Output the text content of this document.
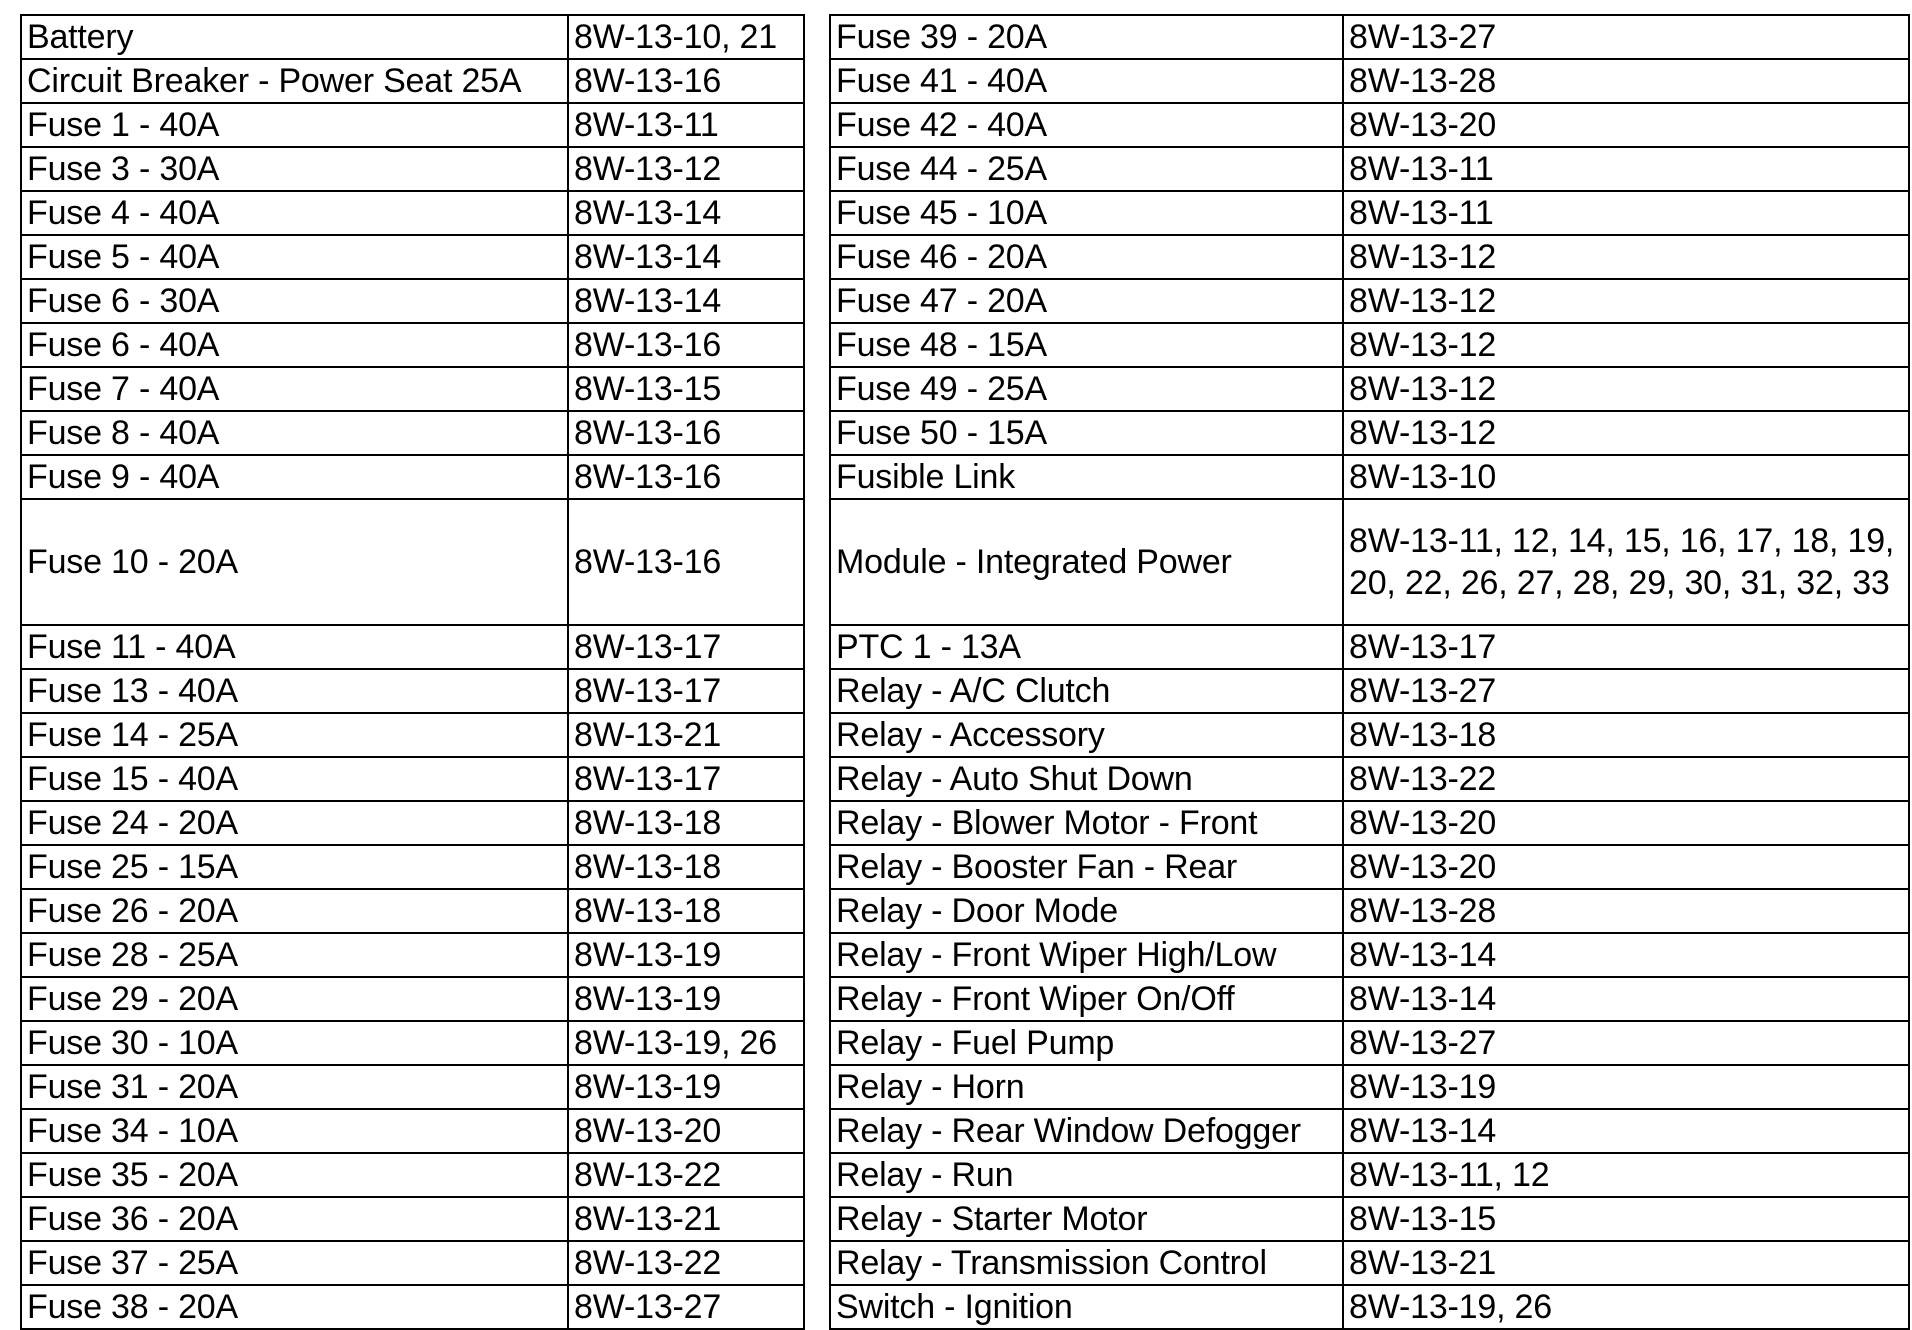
Battery	8W-13-10, 21
Circuit Breaker - Power Seat 25A	8W-13-16
Fuse 1 - 40A	8W-13-11
Fuse 3 - 30A	8W-13-12
Fuse 4 - 40A	8W-13-14
Fuse 5 - 40A	8W-13-14
Fuse 6 - 30A	8W-13-14
Fuse 6 - 40A	8W-13-16
Fuse 7 - 40A	8W-13-15
Fuse 8 - 40A	8W-13-16
Fuse 9 - 40A	8W-13-16
Fuse 10 - 20A	8W-13-16
Fuse 11 - 40A	8W-13-17
Fuse 13 - 40A	8W-13-17
Fuse 14 - 25A	8W-13-21
Fuse 15 - 40A	8W-13-17
Fuse 24 - 20A	8W-13-18
Fuse 25 - 15A	8W-13-18
Fuse 26 - 20A	8W-13-18
Fuse 28 - 25A	8W-13-19
Fuse 29 - 20A	8W-13-19
Fuse 30 - 10A	8W-13-19, 26
Fuse 31 - 20A	8W-13-19
Fuse 34 - 10A	8W-13-20
Fuse 35 - 20A	8W-13-22
Fuse 36 - 20A	8W-13-21
Fuse 37 - 25A	8W-13-22
Fuse 38 - 20A	8W-13-27
Fuse 39 - 20A	8W-13-27
Fuse 41 - 40A	8W-13-28
Fuse 42 - 40A	8W-13-20
Fuse 44 - 25A	8W-13-11
Fuse 45 - 10A	8W-13-11
Fuse 46 - 20A	8W-13-12
Fuse 47 - 20A	8W-13-12
Fuse 48 - 15A	8W-13-12
Fuse 49 - 25A	8W-13-12
Fuse 50 - 15A	8W-13-12
Fusible Link	8W-13-10
Module - Integrated Power	8W-13-11, 12, 14, 15, 16, 17, 18, 19, 20, 22, 26, 27, 28, 29, 30, 31, 32, 33
PTC 1 - 13A	8W-13-17
Relay - A/C Clutch	8W-13-27
Relay - Accessory	8W-13-18
Relay - Auto Shut Down	8W-13-22
Relay - Blower Motor - Front	8W-13-20
Relay - Booster Fan - Rear	8W-13-20
Relay - Door Mode	8W-13-28
Relay - Front Wiper High/Low	8W-13-14
Relay - Front Wiper On/Off	8W-13-14
Relay - Fuel Pump	8W-13-27
Relay - Horn	8W-13-19
Relay - Rear Window Defogger	8W-13-14
Relay - Run	8W-13-11, 12
Relay - Starter Motor	8W-13-15
Relay - Transmission Control	8W-13-21
Switch - Ignition	8W-13-19, 26
